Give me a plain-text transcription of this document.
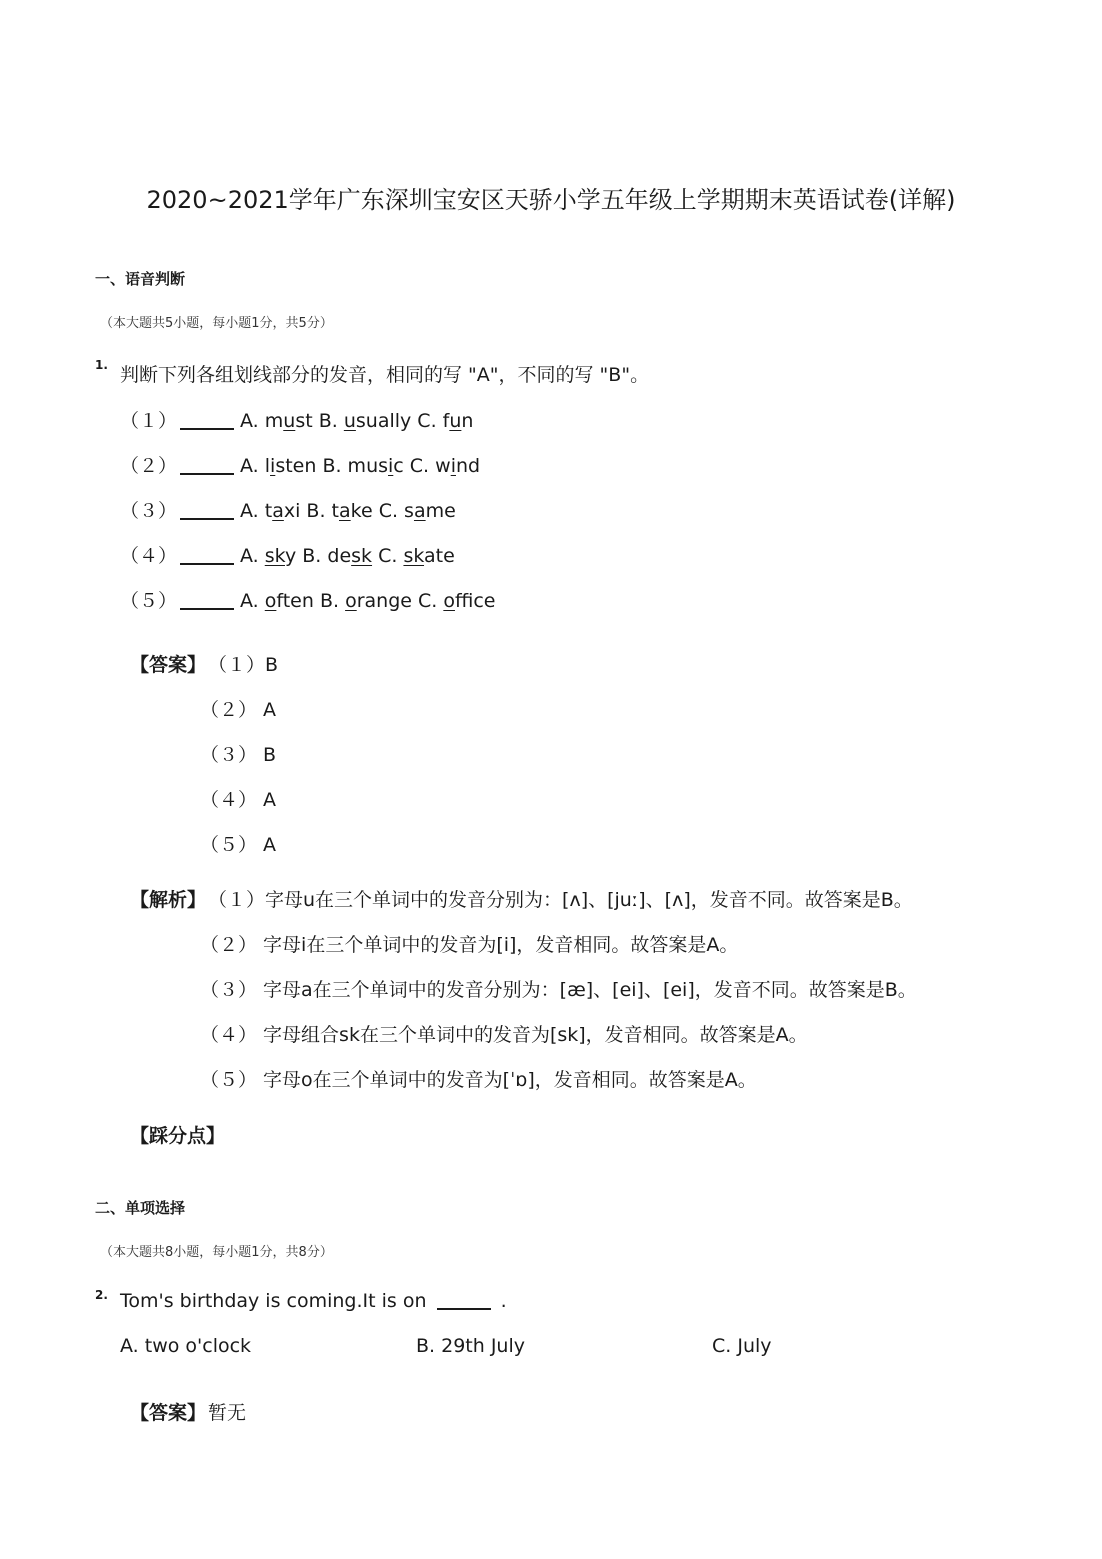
2020~2021学年广东深圳宝安区天骄小学五年级上学期期末英语试卷(详解)
一、语音判断
（本大题共5小题，每小题1分，共5分）
1. 判断下列各组划线部分的发音，相同的写 "A"，不同的写 "B"。
（１）	A. must B. usually C. fun
（２）	A. listen B. music C. wind
（３）	A. taxi B. take C. same
（４）	A. sky B. desk C. skate
（５）	A. often B. orange C. office
【答案】 （１）B
（２） A
（３） B
（４） A
（５） A
【解析】 （１）字母u在三个单词中的发音分别为：[ʌ]、[juː]、[ʌ]，发音不同。故答案是B。
（２） 字母i在三个单词中的发音为[i]，发音相同。故答案是A。
（３） 字母a在三个单词中的发音分别为：[æ]、[ei]、[ei]，发音不同。故答案是B。
（４） 字母组合sk在三个单词中的发音为[sk]，发音相同。故答案是A。
（５） 字母o在三个单词中的发音为[ˈɒ]，发音相同。故答案是A。
【踩分点】
二、单项选择
（本大题共8小题，每小题1分，共8分）
2. Tom's birthday is coming.It is on	.
A. two o'clock	B. 29th July	C. July
【答案】 暂无
